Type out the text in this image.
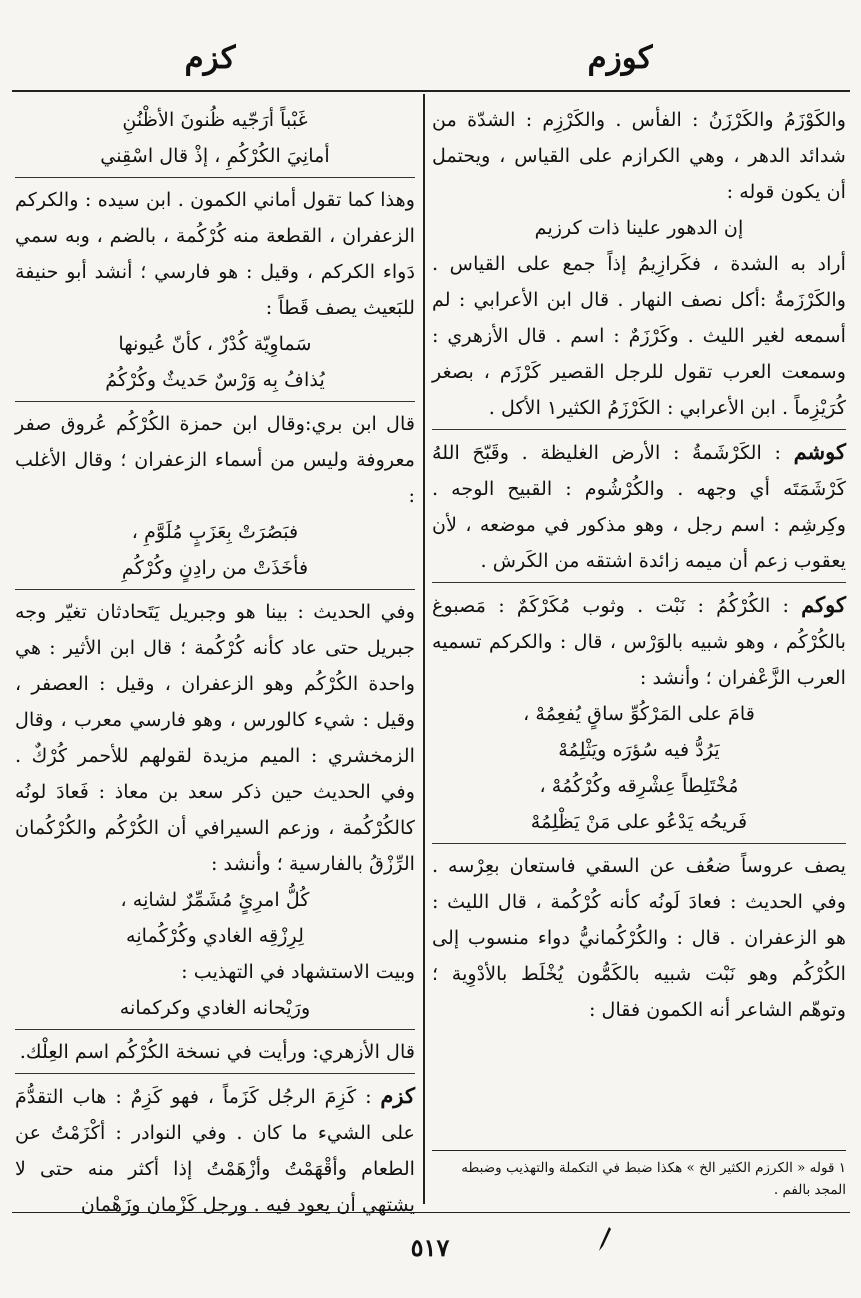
كوزم
كزم

والكَوْزَمُ والكَرْزَنُ : الفأس . والكَرْزِم : الشدّة من شدائد الدهر ، وهي الكرازم على القياس ، ويحتمل أن يكون قوله :

إن الدهور علينا ذات كرزيم

أراد به الشدة ، فكَرازِيمُ إذاً جمع على القياس . والكَرْزَمةُ :أكل نصف النهار . قال ابن الأعرابي : لم أسمعه لغير الليث . وكَرْزَمٌ : اسم . قال الأزهري : وسمعت العرب تقول للرجل القصير كَرْزَم ، بصغر كُرَيْزِماً . ابن الأعرابي : الكَرْزَمُ الكثير١ الأكل .

كوشم : الكَرْشَمةُ : الأرض الغليظة . وقَبّحَ اللهُ كَرْشَمَتَه أي وجهه . والكُرْشُوم : القبيح الوجه . وكِرشِم : اسم رجل ، وهو مذكور في موضعه ، لأن يعقوب زعم أن ميمه زائدة اشتقه من الكَرش .

كوكم : الكُرْكُمُ : نَبْت . وثوب مُكَرْكَمٌ : مَصبوغ بالكُرْكُم ، وهو شبيه بالوَرْس ، قال : والكركم تسميه العرب الزَّعْفران ؛ وأنشد :

قامَ على المَرْكُوِّ ساقٍ يُفعِمُهْ ،
يَرُدُّ فيه سُؤرَه ويَثْلِمُهْ
مُخْتَلِطاً عِشْرِقه وكُرْكُمُهْ ،
فَريحُه يَدْعُو على مَنْ يَظْلِمُهْ

يصف عروساً ضعُف عن السقي فاستعان بعِرْسه . وفي الحديث : فعادَ لَونُه كأنه كُرْكُمة ، قال الليث : هو الزعفران . قال : والكُرْكُمانيُّ دواء منسوب إلى الكُرْكُم وهو نَبْت شبيه بالكَمُّون يُخْلَط بالأدْوِية ؛ وتوهّم الشاعر أنه الكمون فقال :

١ قوله « الكرزم الكثير الخ » هكذا ضبط في التكملة والتهذيب وضبطه المجد بالفم .
غَبْباً أرَجّيه ظُنونَ الأظْنُنِ
أمانِيَ الكُرْكُمِ ، إذْ قال اسْقِني

وهذا كما تقول أماني الكمون . ابن سيده : والكركم الزعفران ، القطعة منه كُرْكُمة ، بالضم ، وبه سمي دَواء الكركم ، وقيل : هو فارسي ؛ أنشد أبو حنيفة للبَعيث يصف قَطاً :

سَماوِيّة كُدْرٌ ، كأنّ عُيونها
يُذافُ بِه وَرْسٌ حَديثٌ وكُرْكُمُ

قال ابن بري:وقال ابن حمزة الكُرْكُم عُروق صفر معروفة وليس من أسماء الزعفران ؛ وقال الأغلب :

فبَصُرَتْ بِعَزَبٍ مُلَوَّمِ ،
فأخَذَتْ من رادِنٍ وكُرْكُمِ

وفي الحديث : بينا هو وجبريل يَتَحادثان تغيّر وجه جبريل حتى عاد كأنه كُرْكُمة ؛ قال ابن الأثير : هي واحدة الكُرْكُم وهو الزعفران ، وقيل : العصفر ، وقيل : شيء كالورس ، وهو فارسي معرب ، وقال الزمخشري : الميم مزيدة لقولهم للأحمر كُرْكٌ . وفي الحديث حين ذكر سعد بن معاذ : فَعادَ لونُه كالكُرْكُمة ، وزعم السيرافي أن الكُرْكُم والكُرْكُمان الرِّزْقُ بالفارسية ؛ وأنشد :

كُلُّ امرِئٍ مُشَمِّرٌ لشانِه ،
لِرِزْقِه الغادي وكُرْكُمانِه

وبيت الاستشهاد في التهذيب :

ورَيْحانه الغادي وكركمانه

قال الأزهري: ورأيت في نسخة الكُرْكُم اسم العِلْك.

كزم : كَزِمَ الرجُل كَزَماً ، فهو كَزِمٌ : هاب التقدُّمَ على الشيء ما كان . وفي النوادر : أكْزَمْتُ عن الطعام وأقْهَمْتُ وأزْهَمْتُ إذا أكثر منه حتى لا يشتهي أن يعود فيه . ورجل كَزْمان وزَهْمان

٥١٧
